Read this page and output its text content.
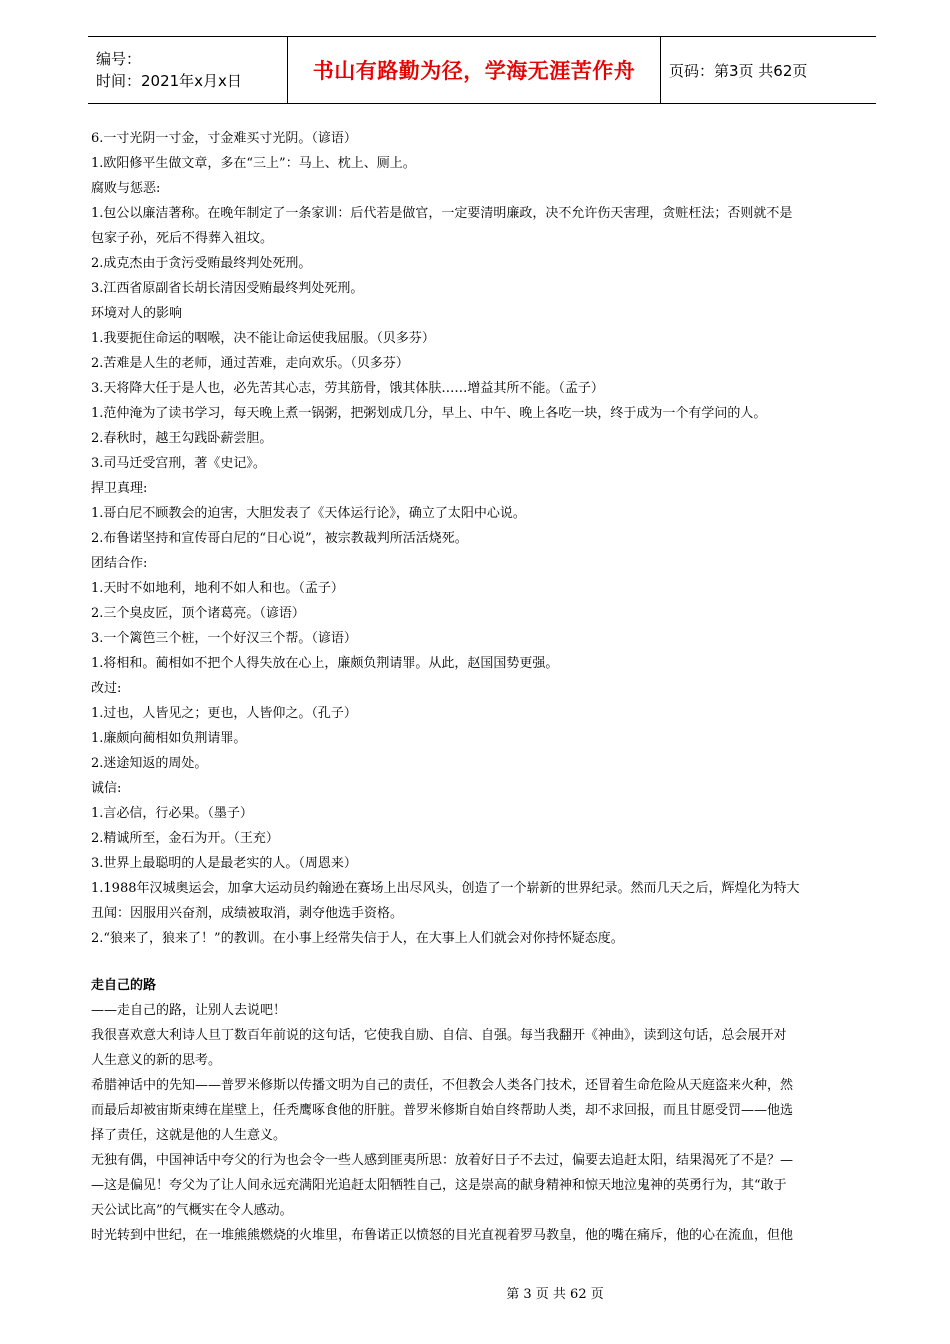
编号：
时间：2021年x月x日	书山有路勤为径，学海无涯苦作舟 页码：第3页 共62页
6.一寸光阴一寸金，寸金难买寸光阴。（谚语）
1.欧阳修平生做文章，多在“三上”：马上、枕上、厕上。
腐败与惩恶:
1.包公以廉洁著称。在晚年制定了一条家训：后代若是做官，一定要清明廉政，决不允许伤天害理，贪赃枉法；否则就不是
包家子孙，死后不得葬入祖坟。
2.成克杰由于贪污受贿最终判处死刑。
3.江西省原副省长胡长清因受贿最终判处死刑。
环境对人的影响
1.我要扼住命运的咽喉，决不能让命运使我屈服。（贝多芬）
2.苦难是人生的老师，通过苦难，走向欢乐。（贝多芬）
3.天将降大任于是人也，必先苦其心志，劳其筋骨，饿其体肤……增益其所不能。（孟子）
1.范仲淹为了读书学习，每天晚上煮一锅粥，把粥划成几分，早上、中午、晚上各吃一块，终于成为一个有学问的人。
2.春秋时，越王勾践卧薪尝胆。
3.司马迁受宫刑，著《史记》。
捍卫真理:
1.哥白尼不顾教会的迫害，大胆发表了《天体运行论》，确立了太阳中心说。
2.布鲁诺坚持和宣传哥白尼的“日心说”，被宗教裁判所活活烧死。
团结合作:
1.天时不如地利，地利不如人和也。（孟子）
2.三个臭皮匠，顶个诸葛亮。（谚语）
3.一个篱笆三个桩，一个好汉三个帮。（谚语）
1.将相和。蔺相如不把个人得失放在心上，廉颇负荆请罪。从此，赵国国势更强。
改过:
1.过也，人皆见之；更也，人皆仰之。（孔子）
1.廉颇向蔺相如负荆请罪。
2.迷途知返的周处。
诚信:
1.言必信，行必果。（墨子）
2.精诚所至，金石为开。（王充）
3.世界上最聪明的人是最老实的人。（周恩来）
1.1988年汉城奥运会，加拿大运动员约翰逊在赛场上出尽风头，创造了一个崭新的世界纪录。然而几天之后，辉煌化为特大
丑闻：因服用兴奋剂，成绩被取消，剥夺他选手资格。
2.“狼来了，狼来了！”的教训。在小事上经常失信于人，在大事上人们就会对你持怀疑态度。
走自己的路
——走自己的路，让别人去说吧！
我很喜欢意大利诗人旦丁数百年前说的这句话，它使我自励、自信、自强。每当我翻开《神曲》，读到这句话，总会展开对
人生意义的新的思考。
希腊神话中的先知——普罗米修斯以传播文明为自己的责任，不但教会人类各门技术，还冒着生命危险从天庭盗来火种，然
而最后却被宙斯束缚在崖壁上，任秃鹰啄食他的肝脏。普罗米修斯自始自终帮助人类，却不求回报，而且甘愿受罚——他选
择了责任，这就是他的人生意义。
无独有偶，中国神话中夸父的行为也会令一些人感到匪夷所思：放着好日子不去过，偏要去追赶太阳，结果渴死了不是？—
—这是偏见！夸父为了让人间永远充满阳光追赶太阳牺牲自己，这是崇高的献身精神和惊天地泣鬼神的英勇行为，其“敢于
天公试比高”的气概实在令人感动。
时光转到中世纪，在一堆熊熊燃烧的火堆里，布鲁诺正以愤怒的目光直视着罗马教皇，他的嘴在痛斥，他的心在流血，但他
第 3 页 共 62 页
